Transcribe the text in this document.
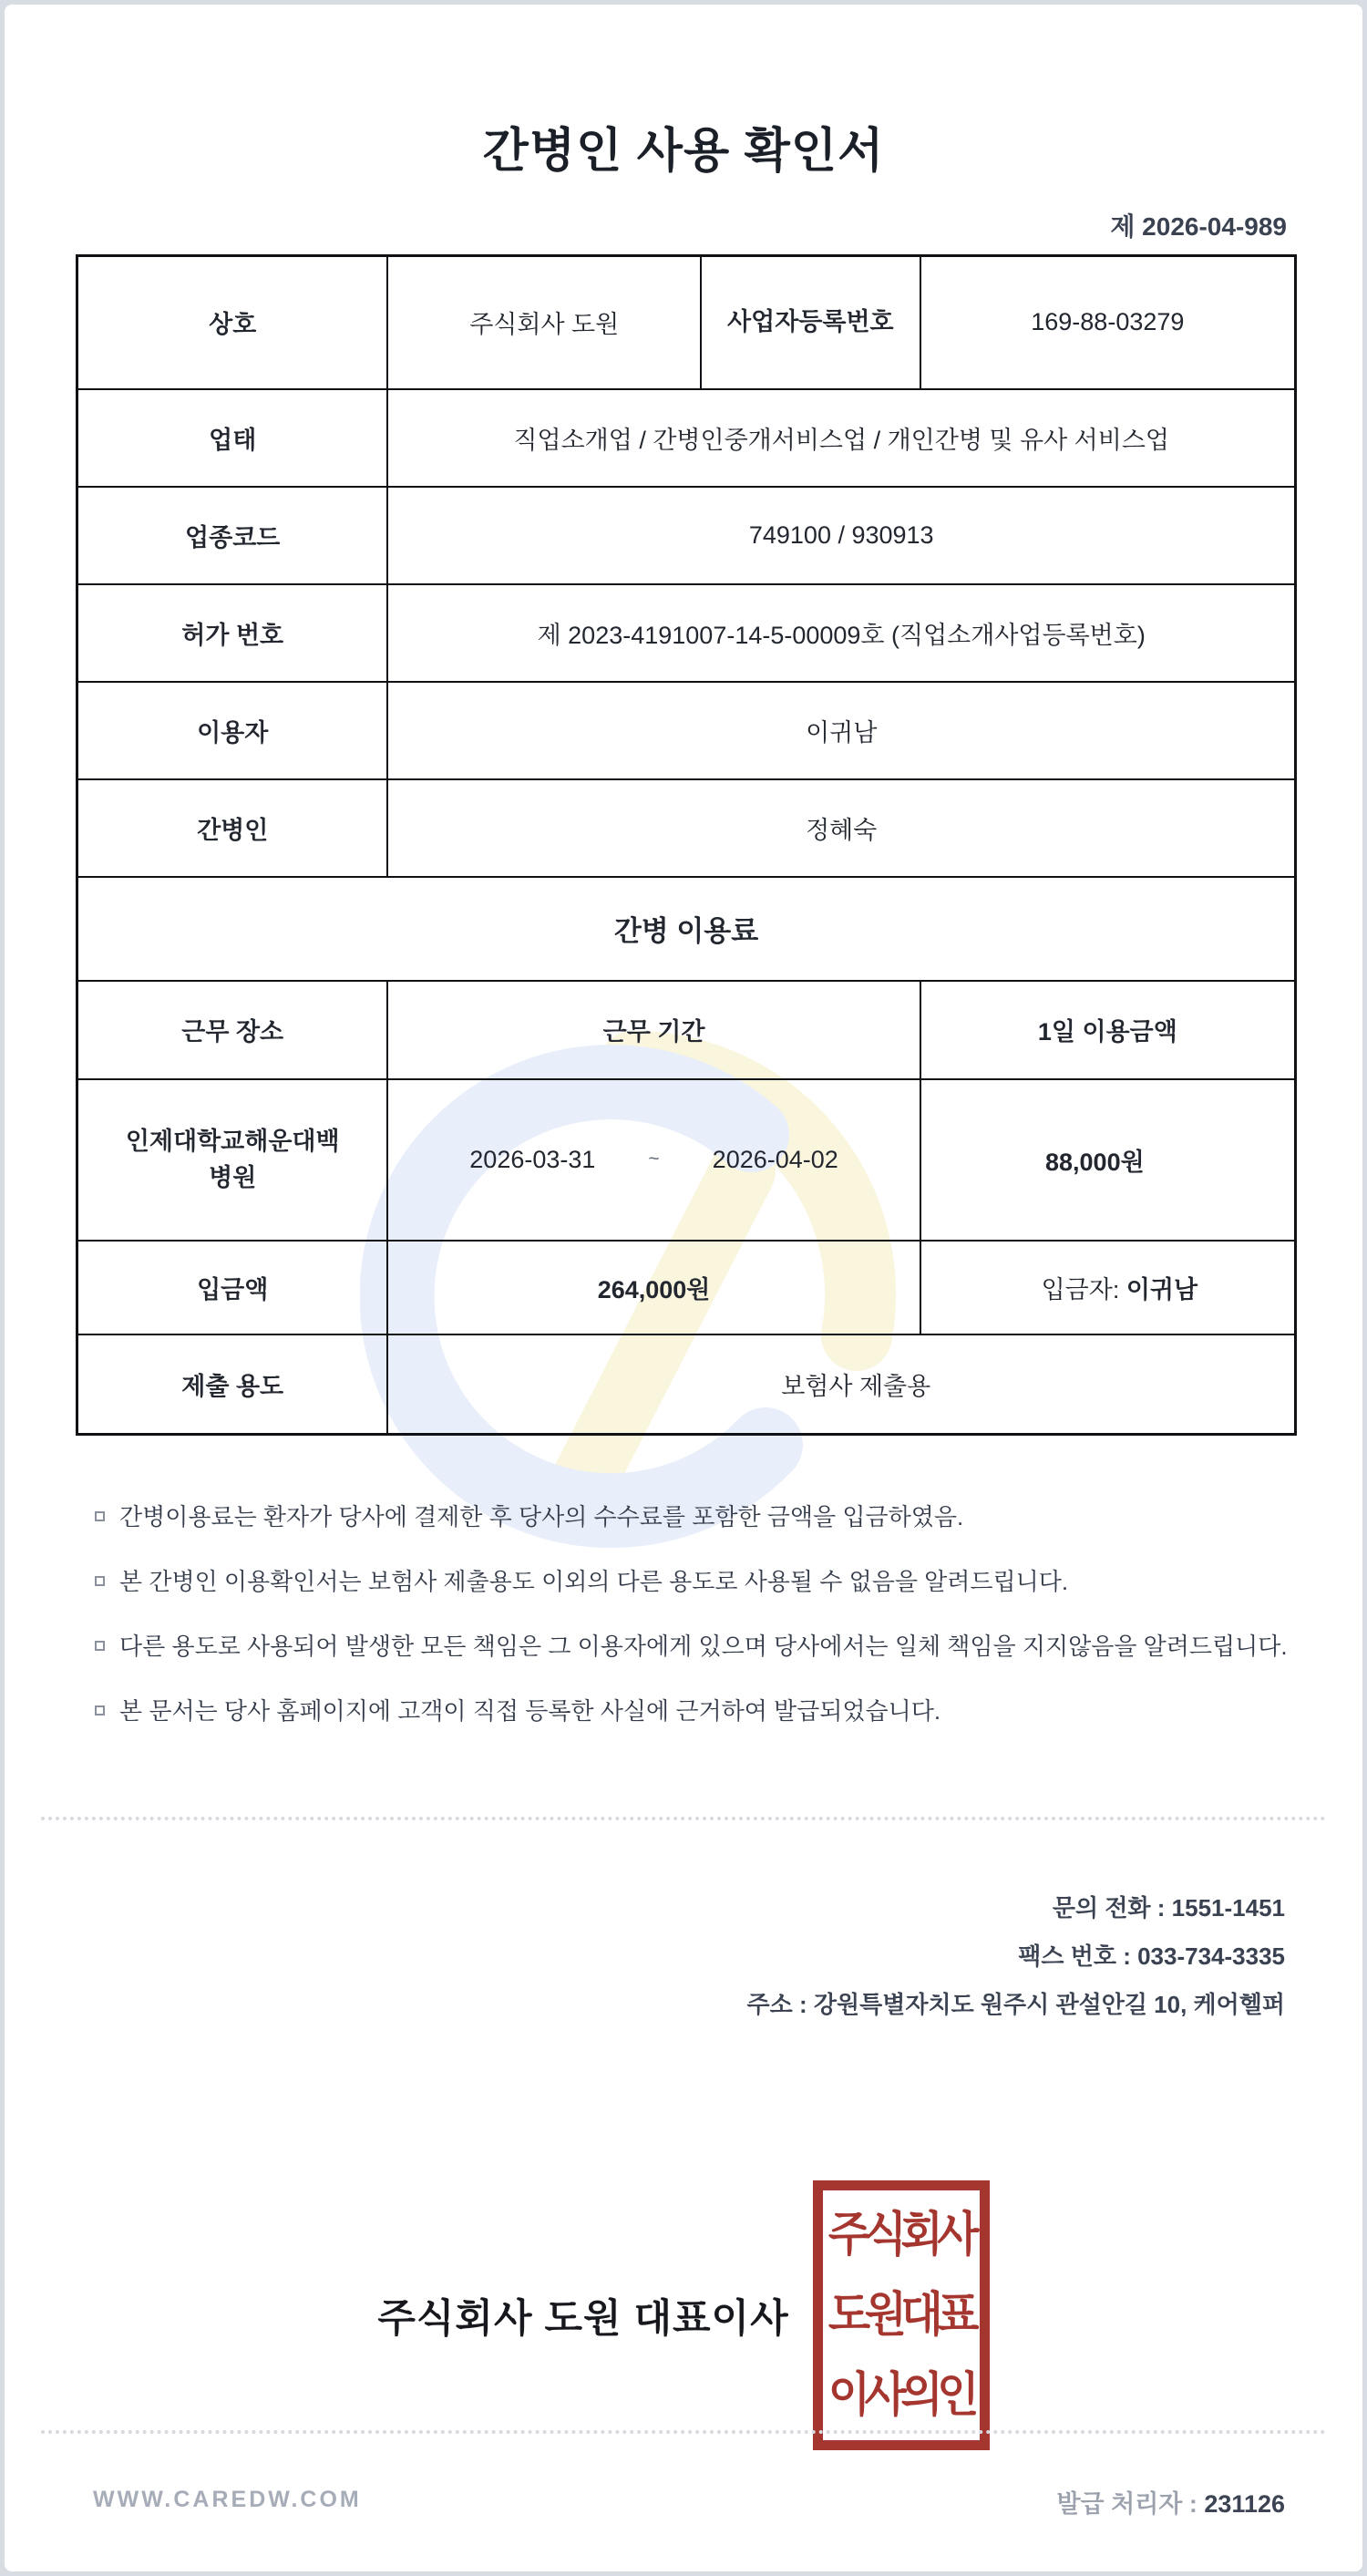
간병인 사용 확인서
제 2026-04-989
상호	주식회사 도원	사업자등록번호	169-88-03279
업태	직업소개업 / 간병인중개서비스업 / 개인간병 및 유사 서비스업		
업종코드	749100 / 930913		
허가 번호	제 2023-4191007-14-5-00009호 (직업소개사업등록번호)		
이용자	이귀남		
간병인	정혜숙		
간병 이용료			
근무 장소	근무 기간		1일 이용금액
인제대학교해운대백병원	2026-03-31 ~ 2026-04-02		88,000원
입금액	264,000원		입금자: 이귀남
제출 용도	보험사 제출용		
간병이용료는 환자가 당사에 결제한 후 당사의 수수료를 포함한 금액을 입금하였음.
본 간병인 이용확인서는 보험사 제출용도 이외의 다른 용도로 사용될 수 없음을 알려드립니다.
다른 용도로 사용되어 발생한 모든 책임은 그 이용자에게 있으며 당사에서는 일체 책임을 지지않음을 알려드립니다.
본 문서는 당사 홈페이지에 고객이 직접 등록한 사실에 근거하여 발급되었습니다.
문의 전화 : 1551-1451
팩스 번호 : 033-734-3335
주소 : 강원특별자치도 원주시 관설안길 10, 케어헬퍼
주식회사 도원 대표이사
주식회사
도원대표
이사의인
WWW.CAREDW.COM	발급 처리자 : 231126
